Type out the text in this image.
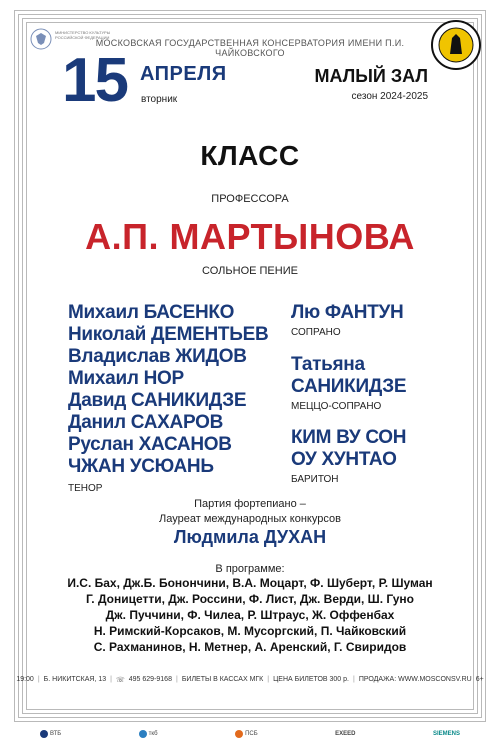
МИНИСТЕРСТВО КУЛЬТУРЫ РОССИЙСКОЙ ФЕДЕРАЦИИ
МОСКОВСКАЯ ГОСУДАРСТВЕННАЯ КОНСЕРВАТОРИЯ ИМЕНИ П.И. ЧАЙКОВСКОГО
15 АПРЕЛЯ
вторник
МАЛЫЙ ЗАЛ
сезон 2024-2025
КЛАСС
ПРОФЕССОРА
А.П. МАРТЫНОВА
СОЛЬНОЕ ПЕНИЕ
Михаил БАСЕНКО
Николай ДЕМЕНТЬЕВ
Владислав ЖИДОВ
Михаил НОР
Давид САНИКИДЗЕ
Данил САХАРОВ
Руслан ХАСАНОВ
ЧЖАН УСЮАНЬ
ТЕНОР
Лю ФАНТУН
СОПРАНО
Татьяна
САНИКИДЗЕ
МЕЦЦО-СОПРАНО
КИМ ВУ СОН
ОУ ХУНТАО
БАРИТОН
Партия фортепиано –
Лауреат международных конкурсов
Людмила ДУХАН
В программе:
И.С. Бах, Дж.Б. Бонончини, В.А. Моцарт, Ф. Шуберт, Р. Шуман
Г. Доницетти, Дж. Россини, Ф. Лист, Дж. Верди, Ш. Гуно
Дж. Пуччини, Ф. Чилеа, Р. Штраус, Ж. Оффенбах
Н. Римский-Корсаков, М. Мусоргский, П. Чайковский
С. Рахманинов, Н. Метнер, А. Аренский, Г. Свиридов
19:00 | Б. НИКИТСКАЯ, 13 | ☏ 495 629-9168 | БИЛЕТЫ В КАССАХ МГК | ЦЕНА БИЛЕТОВ 300 р. | ПРОДАЖА: WWW.MOSCONSV.RU 6+
ВТБ	ткб	ПСБ	EXEED	SIEMENS
